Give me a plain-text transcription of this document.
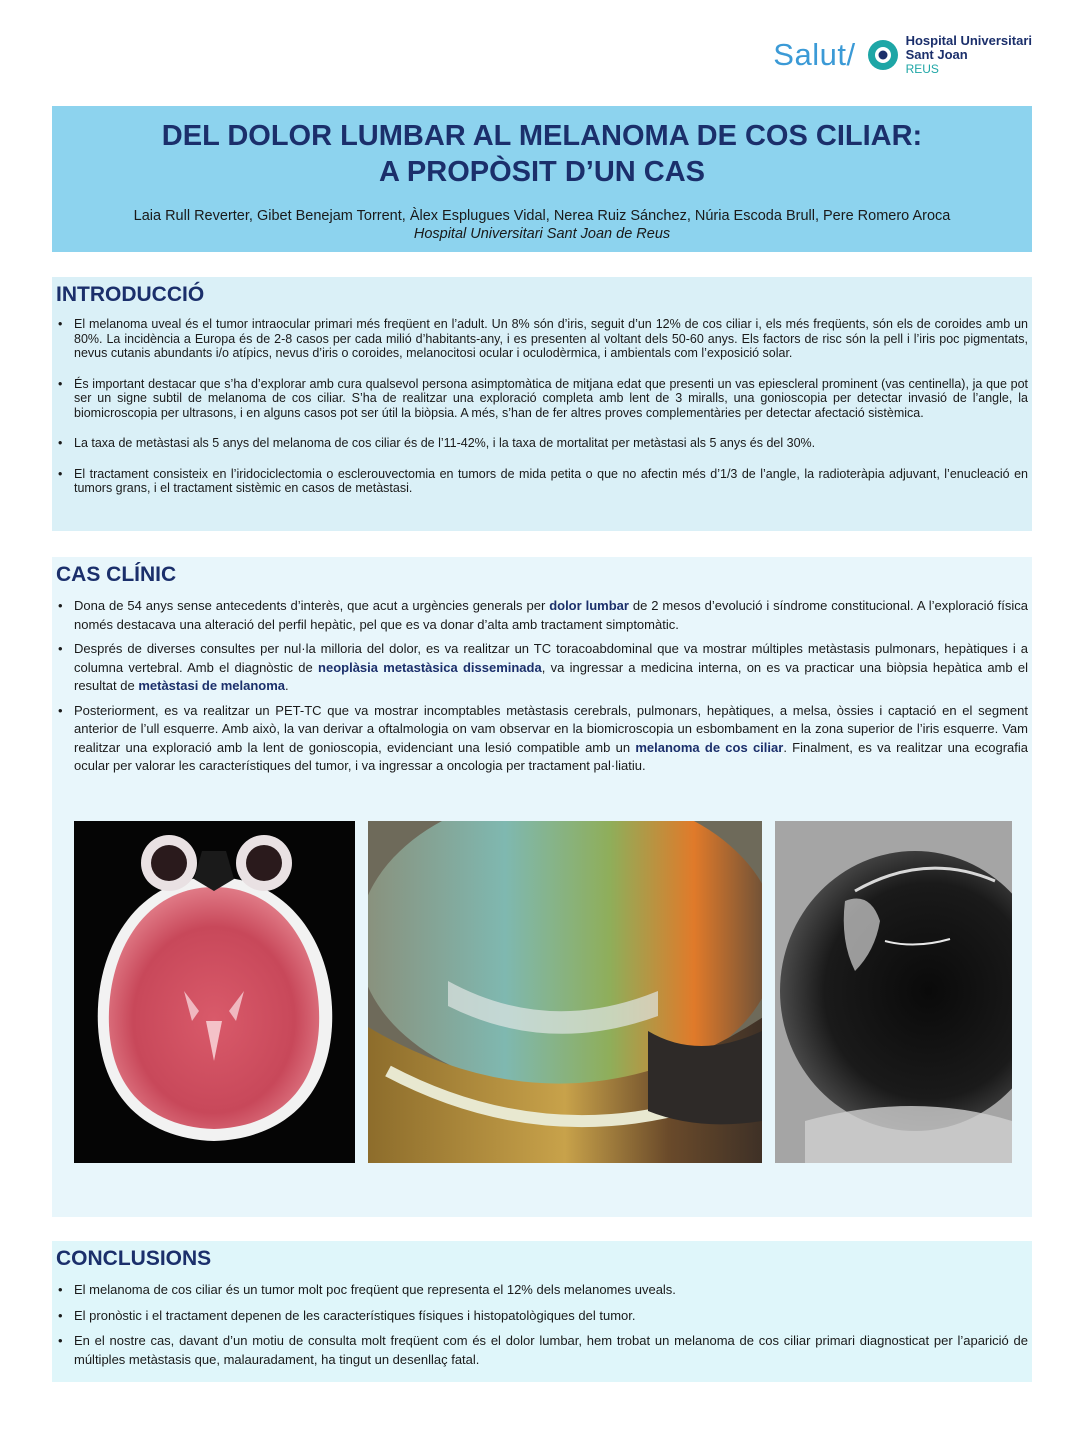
Salut/	Hospital Universitari
Sant Joan
REUS
DEL DOLOR LUMBAR AL MELANOMA DE COS CILIAR:
A PROPÒSIT D’UN CAS
Laia Rull Reverter, Gibet Benejam Torrent, Àlex Esplugues Vidal, Nerea Ruiz Sánchez, Núria Escoda Brull, Pere Romero Aroca
Hospital Universitari Sant Joan de Reus
INTRODUCCIÓ
• El melanoma uveal és el tumor intraocular primari més freqüent en l’adult. Un 8% són d’iris, seguit d’un 12% de cos ciliar i, els més freqüents, són els de coroides amb un 80%. La incidència a Europa és de 2-8 casos per cada milió d’habitants-any, i es presenten al voltant dels 50-60 anys. Els factors de risc són la pell i l’iris poc pigmentats, nevus cutanis abundants i/o atípics, nevus d’iris o coroides, melanocitosi ocular i oculodèrmica, i ambientals com l’exposició solar.
• És important destacar que s’ha d’explorar amb cura qualsevol persona asimptomàtica de mitjana edat que presenti un vas epiescleral prominent (vas centinella), ja que pot ser un signe subtil de melanoma de cos ciliar. S’ha de realitzar una exploració completa amb lent de 3 miralls, una gonioscopia per detectar invasió de l’angle, la biomicroscopia per ultrasons, i en alguns casos pot ser útil la biòpsia. A més, s’han de fer altres proves complementàries per detectar afectació sistèmica.
• La taxa de metàstasi als 5 anys del melanoma de cos ciliar és de l’11-42%, i la taxa de mortalitat per metàstasi als 5 anys és del 30%.
• El tractament consisteix en l’iridociclectomia o esclerouvectomia en tumors de mida petita o que no afectin més d’1/3 de l’angle, la radioteràpia adjuvant, l’enucleació en tumors grans, i el tractament sistèmic en casos de metàstasi.
CAS CLÍNIC
• Dona de 54 anys sense antecedents d’interès, que acut a urgències generals per dolor lumbar de 2 mesos d’evolució i síndrome constitucional. A l’exploració física només destacava una alteració del perfil hepàtic, pel que es va donar d’alta amb tractament simptomàtic.
• Després de diverses consultes per nul·la milloria del dolor, es va realitzar un TC toracoabdominal que va mostrar múltiples metàstasis pulmonars, hepàtiques i a columna vertebral. Amb el diagnòstic de neoplàsia metastàsica disseminada, va ingressar a medicina interna, on es va practicar una biòpsia hepàtica amb el resultat de metàstasi de melanoma.
• Posteriorment, es va realitzar un PET-TC que va mostrar incomptables metàstasis cerebrals, pulmonars, hepàtiques, a melsa, òssies i captació en el segment anterior de l’ull esquerre. Amb això, la van derivar a oftalmologia on vam observar en la biomicroscopia un esbombament en la zona superior de l’iris esquerre. Vam realitzar una exploració amb la lent de gonioscopia, evidenciant una lesió compatible amb un melanoma de cos ciliar. Finalment, es va realitzar una ecografia ocular per valorar les característiques del tumor, i va ingressar a oncologia per tractament pal·liatiu.
CONCLUSIONS
• El melanoma de cos ciliar és un tumor molt poc freqüent que representa el 12% dels melanomes uveals.
• El pronòstic i el tractament depenen de les característiques físiques i histopatològiques del tumor.
• En el nostre cas, davant d’un motiu de consulta molt freqüent com és el dolor lumbar, hem trobat un melanoma de cos ciliar primari diagnosticat per l’aparició de múltiples metàstasis que, malauradament, ha tingut un desenllaç fatal.
